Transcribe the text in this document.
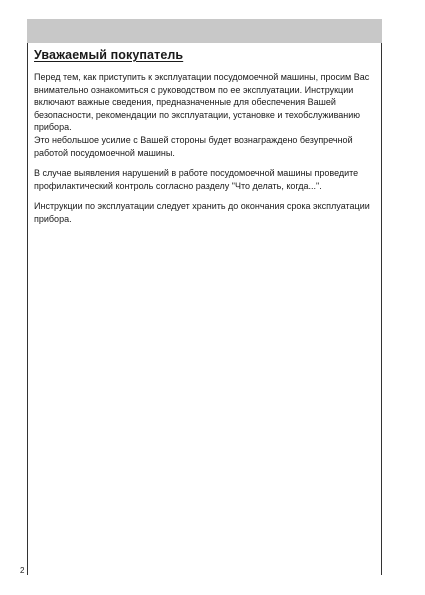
Уважаемый покупатель

Перед тем, как приступить к эксплуатации посудомоечной машины, просим Вас внимательно ознакомиться с руководством по ее эксплуатации. Инструкции включают важные сведения, предназначенные для обеспечения Вашей безопасности, рекомендации по эксплуатации, установке и техобслуживанию прибора.

Это небольшое усилие с Вашей стороны будет вознаграждено безупречной работой посудомоечной машины.

В случае выявления нарушений в работе посудомоечной машины проведите профилактический контроль согласно разделу "Что делать, когда...".

Инструкции по эксплуатации следует хранить до окончания срока эксплуатации прибора.

2
